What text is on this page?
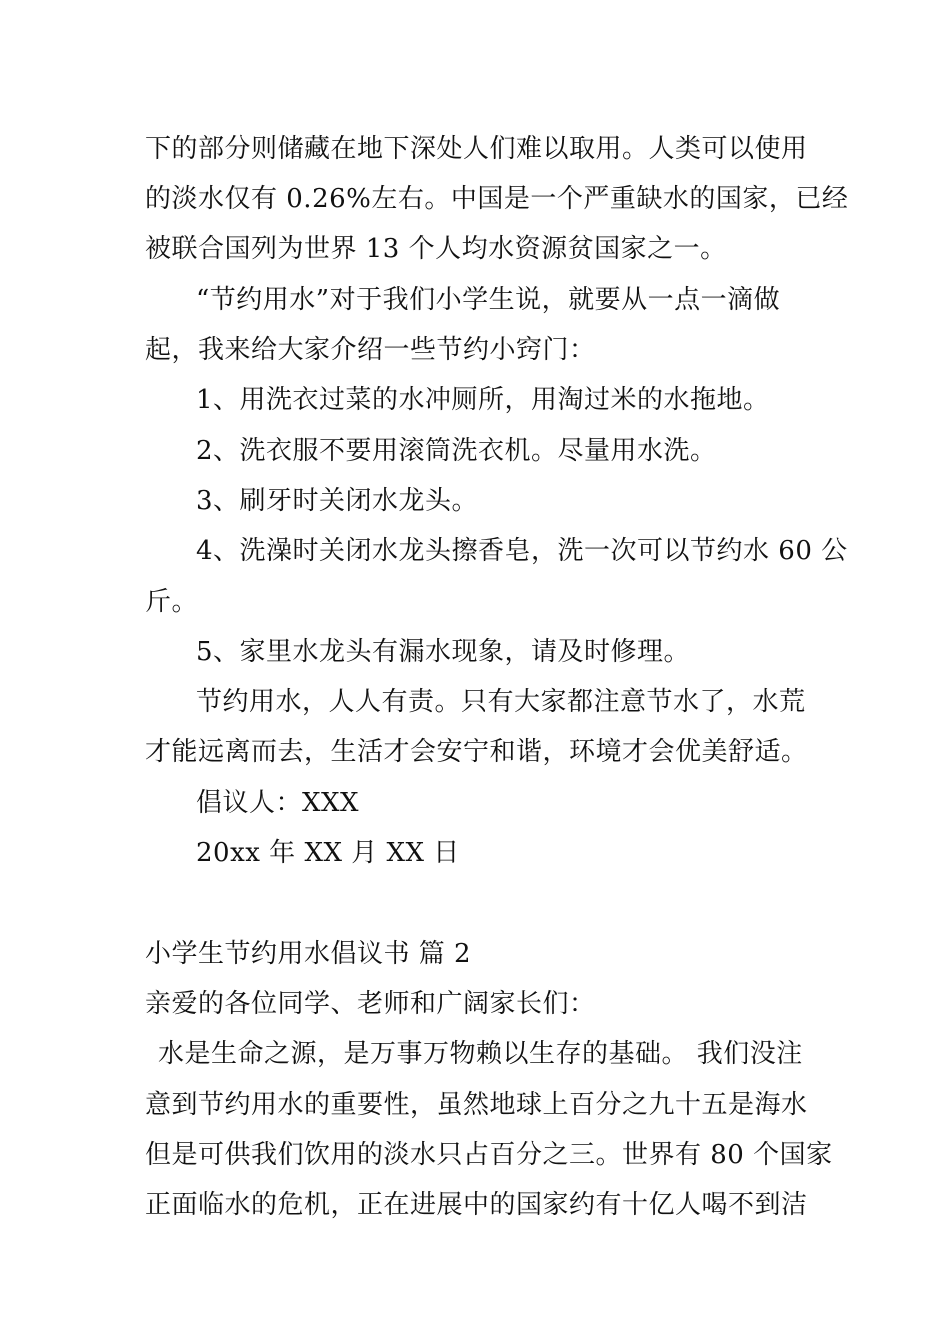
下的部分则储藏在地下深处人们难以取用。人类可以使用
的淡水仅有 0.26%左右。中国是一个严重缺水的国家，已经
被联合国列为世界 13 个人均水资源贫国家之一。
“节约用水”对于我们小学生说，就要从一点一滴做
起，我来给大家介绍一些节约小窍门：
1、用洗衣过菜的水冲厕所，用淘过米的水拖地。
2、洗衣服不要用滚筒洗衣机。尽量用水洗。
3、刷牙时关闭水龙头。
4、洗澡时关闭水龙头擦香皂，洗一次可以节约水 60 公
斤。
5、家里水龙头有漏水现象，请及时修理。
节约用水，人人有责。只有大家都注意节水了，水荒
才能远离而去，生活才会安宁和谐，环境才会优美舒适。
倡议人：XXX
20xx 年 XX 月 XX 日
小学生节约用水倡议书 篇 2
亲爱的各位同学、老师和广阔家长们：
水是生命之源，是万事万物赖以生存的基础。 我们没注
意到节约用水的重要性，虽然地球上百分之九十五是海水
但是可供我们饮用的淡水只占百分之三。世界有 80 个国家
正面临水的危机，正在进展中的国家约有十亿人喝不到洁
